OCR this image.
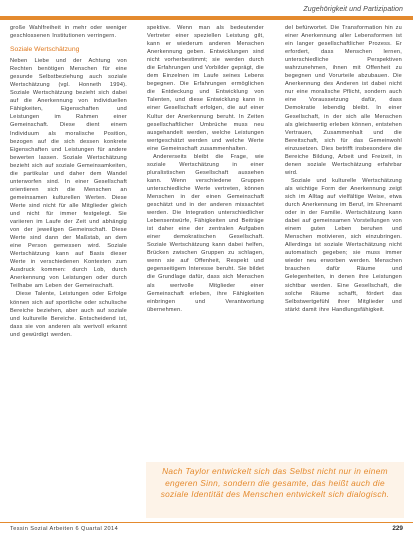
Zugehörigkeit und Partizipation

große Wahlfreiheit in mehr oder weniger geschlossenen Institutionen verringern.

Soziale Wertschätzung

Neben Liebe und der Achtung von Rechten benötigen Menschen für eine gesunde Selbstbeziehung auch soziale Wertschätzung (vgl. Honneth 1994). Soziale Wertschätzung bezieht sich dabei auf die Anerkennung von individuellen Fähigkeiten, Eigenschaften und Leistungen im Rahmen einer Gemeinschaft. Diese dient einem Individuum als moralische Position, bezogen auf die sich dessen konkrete Eigenschaften und Leistungen für andere bewerten lassen. Soziale Wertschätzung bezieht sich auf soziale Gemeinsamkeiten, die partikular und daher dem Wandel unterworfen sind. In einer Gesellschaft orientieren sich die Menschen an gemeinsamen kulturellen Werten. Diese Werte sind nicht für alle Mitglieder gleich und nicht für immer festgelegt. Sie variieren im Laufe der Zeit und abhängig von der jeweiligen Gemeinschaft. Diese Werte sind dann der Maßstab, an dem eine Person gemessen wird. Soziale Wertschätzung kann auf Basis dieser Werte in verschiedenen Kontexten zum Ausdruck kommen: durch Lob, durch Anerkennung von Leistungen oder durch Teilhabe am Leben der Gemeinschaft.

Diese Talente, Leistungen oder Erfolge können sich auf sportliche oder schulische Bereiche beziehen, aber auch auf soziale und kulturelle Bereiche. Entscheidend ist, dass sie von anderen als wertvoll erkannt und gewürdigt werden.

spektive. Wenn man als bedeutender Vertreter einer speziellen Leistung gilt, kann er wiederum anderen Menschen Anerkennung geben. Entwicklungen sind nicht vorherbestimmt; sie werden durch die Erfahrungen und Vorbilder geprägt, die dem Einzelnen im Laufe seines Lebens begegnen. Die Erfahrungen ermöglichen die Entdeckung und Entwicklung von Talenten, und diese Entwicklung kann in einer Gesellschaft erfolgen, die auf einer Kultur der Anerkennung beruht. In Zeiten gesellschaftlicher Umbrüche muss neu ausgehandelt werden, welche Leistungen wertgeschätzt werden und welche Werte eine Gemeinschaft zusammenhalten.

Andererseits bleibt die Frage, wie soziale Wertschätzung in einer pluralistischen Gesellschaft aussehen kann. Wenn verschiedene Gruppen unterschiedliche Werte vertreten, können Menschen in der einen Gemeinschaft geschätzt und in der anderen missachtet werden. Die Integration unterschiedlicher Lebensentwürfe, Fähigkeiten und Beiträge ist daher eine der zentralen Aufgaben einer demokratischen Gesellschaft. Soziale Wertschätzung kann dabei helfen, Brücken zwischen Gruppen zu schlagen, wenn sie auf Offenheit, Respekt und gegenseitigem Interesse beruht. Sie bildet die Grundlage dafür, dass sich Menschen als wertvolle Mitglieder einer Gemeinschaft erleben, ihre Fähigkeiten einbringen und Verantwortung übernehmen.

del befürwortet. Die Transformation hin zu einer Anerkennung aller Lebensformen ist ein langer gesellschaftlicher Prozess. Er erfordert, dass Menschen lernen, unterschiedliche Perspektiven wahrzunehmen, ihnen mit Offenheit zu begegnen und Vorurteile abzubauen. Die Anerkennung des Anderen ist dabei nicht nur eine moralische Pflicht, sondern auch eine Voraussetzung dafür, dass Demokratie lebendig bleibt. In einer Gesellschaft, in der sich alle Menschen als gleichwertig erleben können, entstehen Vertrauen, Zusammenhalt und die Bereitschaft, sich für das Gemeinwohl einzusetzen. Dies betrifft insbesondere die Bereiche Bildung, Arbeit und Freizeit, in denen soziale Wertschätzung erfahrbar wird.

Soziale und kulturelle Wertschätzung als wichtige Form der Anerkennung zeigt sich im Alltag auf vielfältige Weise, etwa durch Anerkennung im Beruf, im Ehrenamt oder in der Familie. Wertschätzung kann dabei auf gemeinsamen Vorstellungen von einem guten Leben beruhen und Menschen motivieren, sich einzubringen. Allerdings ist soziale Wertschätzung nicht automatisch gegeben; sie muss immer wieder neu erworben werden. Menschen brauchen dafür Räume und Gelegenheiten, in denen ihre Leistungen sichtbar werden. Eine Gesellschaft, die solche Räume schafft, fördert das Selbstwertgefühl ihrer Mitglieder und stärkt damit ihre Handlungsfähigkeit.

Nach Taylor entwickelt sich das Selbst nicht nur in einem engeren Sinn, sondern die gesamte, das heißt auch die soziale Identität des Menschen entwickelt sich dialogisch.

Tessin Sozial Arbeiten 6 Quartal 2014	229
